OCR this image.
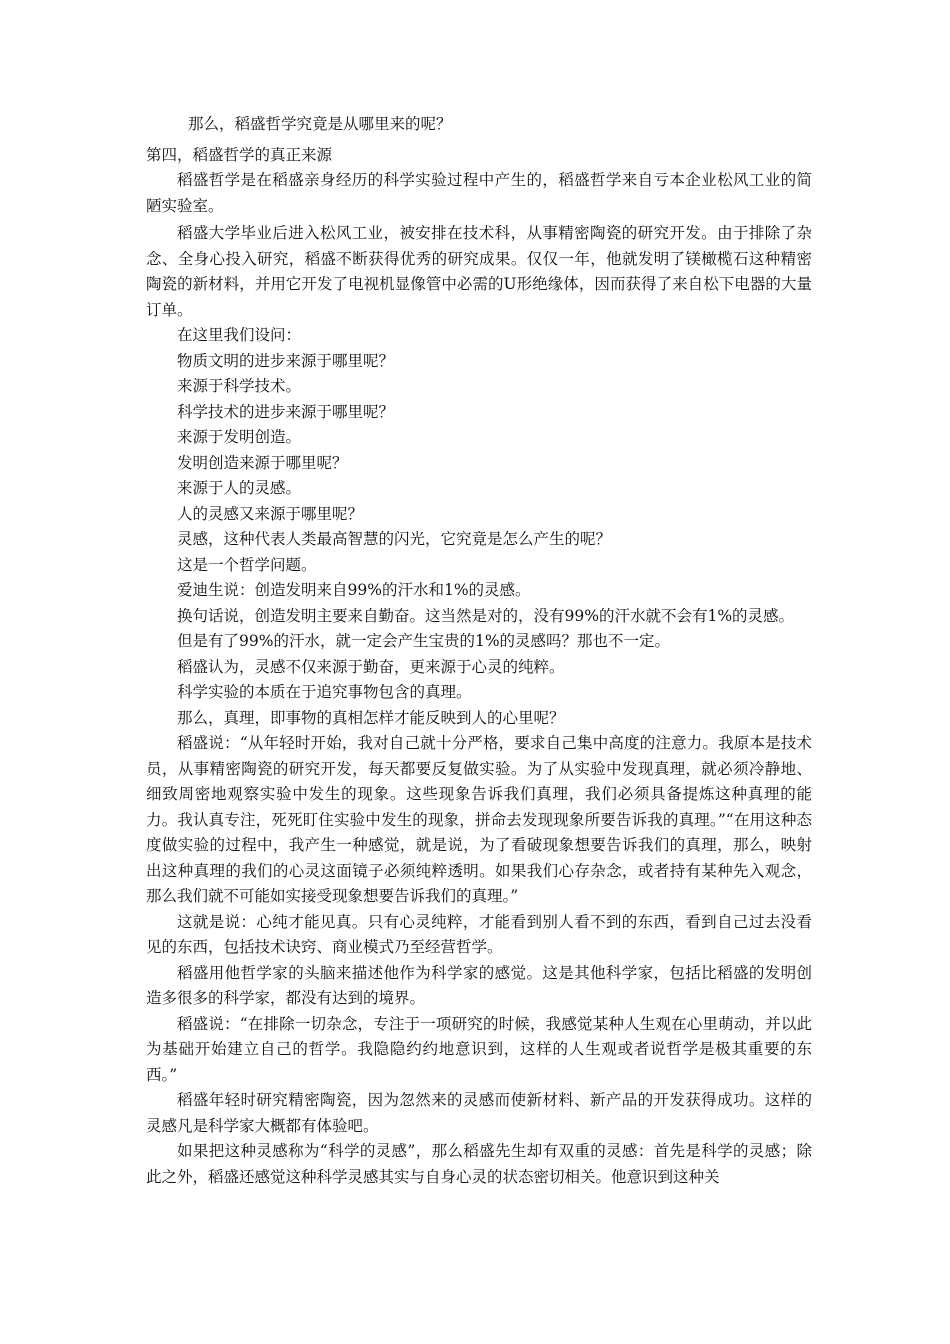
那么，稻盛哲学究竟是从哪里来的呢？

第四，稻盛哲学的真正来源

稻盛哲学是在稻盛亲身经历的科学实验过程中产生的，稻盛哲学来自亏本企业松风工业的简陋实验室。

稻盛大学毕业后进入松风工业，被安排在技术科，从事精密陶瓷的研究开发。由于排除了杂念、全身心投入研究，稻盛不断获得优秀的研究成果。仅仅一年，他就发明了镁橄榄石这种精密陶瓷的新材料，并用它开发了电视机显像管中必需的U形绝缘体，因而获得了来自松下电器的大量订单。

在这里我们设问：

物质文明的进步来源于哪里呢？

来源于科学技术。

科学技术的进步来源于哪里呢？

来源于发明创造。

发明创造来源于哪里呢？

来源于人的灵感。

人的灵感又来源于哪里呢？

灵感，这种代表人类最高智慧的闪光，它究竟是怎么产生的呢？

这是一个哲学问题。

爱迪生说：创造发明来自99%的汗水和1%的灵感。

换句话说，创造发明主要来自勤奋。这当然是对的，没有99%的汗水就不会有1%的灵感。

但是有了99%的汗水，就一定会产生宝贵的1%的灵感吗？那也不一定。

稻盛认为，灵感不仅来源于勤奋，更来源于心灵的纯粹。

科学实验的本质在于追究事物包含的真理。

那么，真理，即事物的真相怎样才能反映到人的心里呢？

稻盛说：“从年轻时开始，我对自己就十分严格，要求自己集中高度的注意力。我原本是技术员，从事精密陶瓷的研究开发，每天都要反复做实验。为了从实验中发现真理，就必须冷静地、细致周密地观察实验中发生的现象。这些现象告诉我们真理，我们必须具备提炼这种真理的能力。我认真专注，死死盯住实验中发生的现象，拼命去发现现象所要告诉我的真理。”“在用这种态度做实验的过程中，我产生一种感觉，就是说，为了看破现象想要告诉我们的真理，那么，映射出这种真理的我们的心灵这面镜子必须纯粹透明。如果我们心存杂念，或者持有某种先入观念，那么我们就不可能如实接受现象想要告诉我们的真理。”

这就是说：心纯才能见真。只有心灵纯粹，才能看到别人看不到的东西，看到自己过去没看见的东西，包括技术诀窍、商业模式乃至经营哲学。

稻盛用他哲学家的头脑来描述他作为科学家的感觉。这是其他科学家，包括比稻盛的发明创造多很多的科学家，都没有达到的境界。

稻盛说：“在排除一切杂念，专注于一项研究的时候，我感觉某种人生观在心里萌动，并以此为基础开始建立自己的哲学。我隐隐约约地意识到，这样的人生观或者说哲学是极其重要的东西。”

稻盛年轻时研究精密陶瓷，因为忽然来的灵感而使新材料、新产品的开发获得成功。这样的灵感凡是科学家大概都有体验吧。

如果把这种灵感称为“科学的灵感”，那么稻盛先生却有双重的灵感：首先是科学的灵感；除此之外，稻盛还感觉这种科学灵感其实与自身心灵的状态密切相关。他意识到这种关
